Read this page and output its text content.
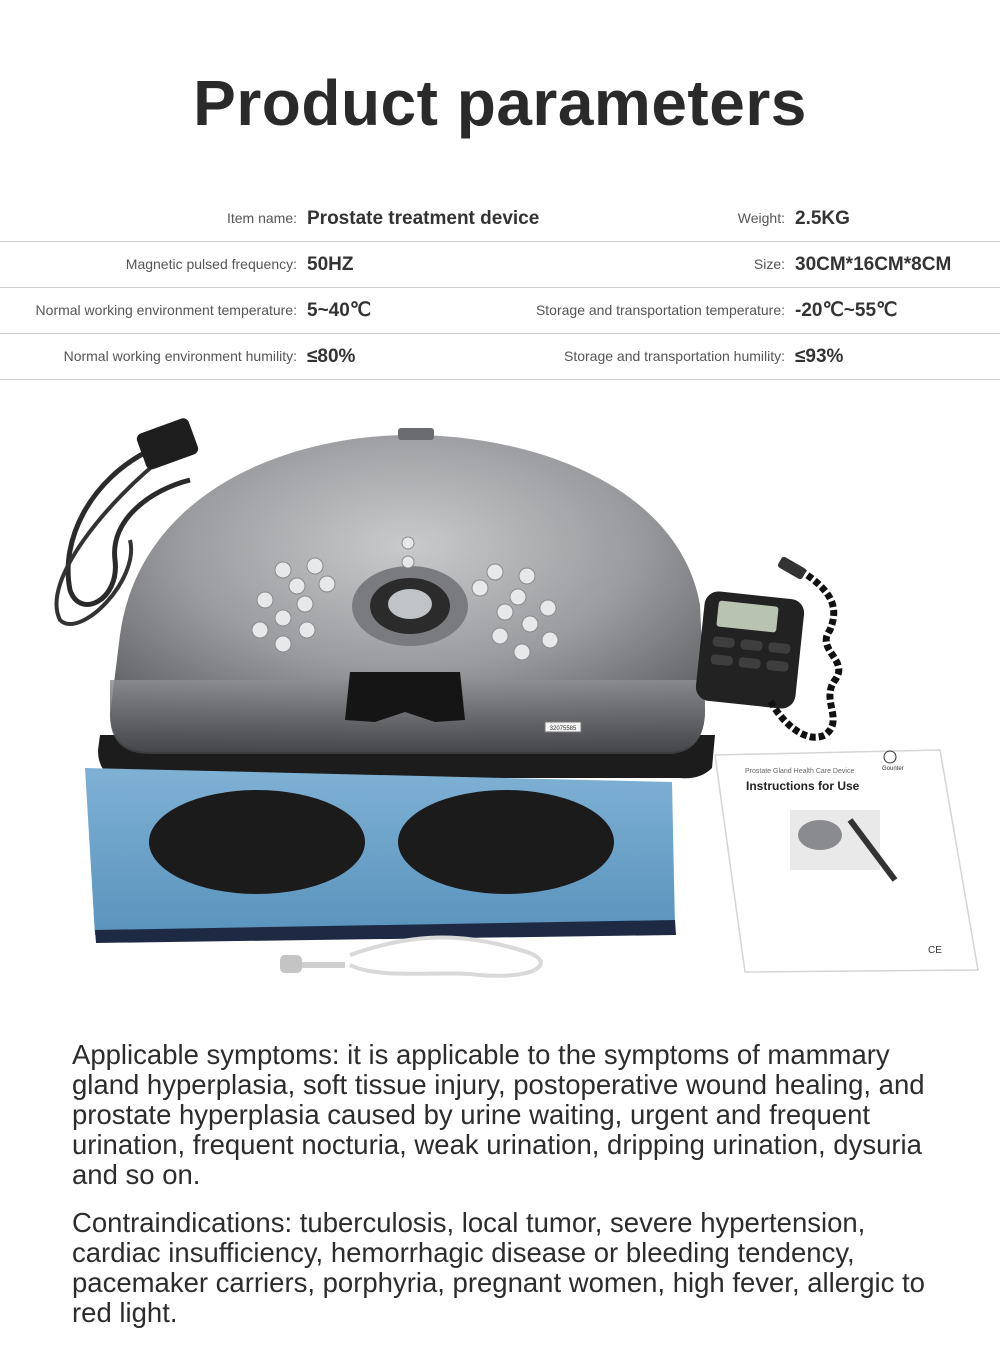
Product parameters
Item name: Prostate treatment device	Weight: 2.5KG
Magnetic pulsed frequency: 50HZ	Size: 30CM*16CM*8CM
Normal working environment temperature: 5~40℃	Storage and transportation temperature: -20℃~55℃
Normal working environment humility: ≤80%	Storage and transportation humility: ≤93%
32075585
Prostate Gland Health Care Device
Instructions for Use
Gounter
CE
Applicable symptoms: it is applicable to the symptoms of mammary gland hyperplasia, soft tissue injury, postoperative wound healing, and prostate hyperplasia caused by urine waiting, urgent and frequent urination, frequent nocturia, weak urination, dripping urination, dysuria and so on.
Contraindications: tuberculosis, local tumor, severe hypertension, cardiac insufficiency, hemorrhagic disease or bleeding tendency, pacemaker carriers, porphyria, pregnant women, high fever, allergic to red light.
